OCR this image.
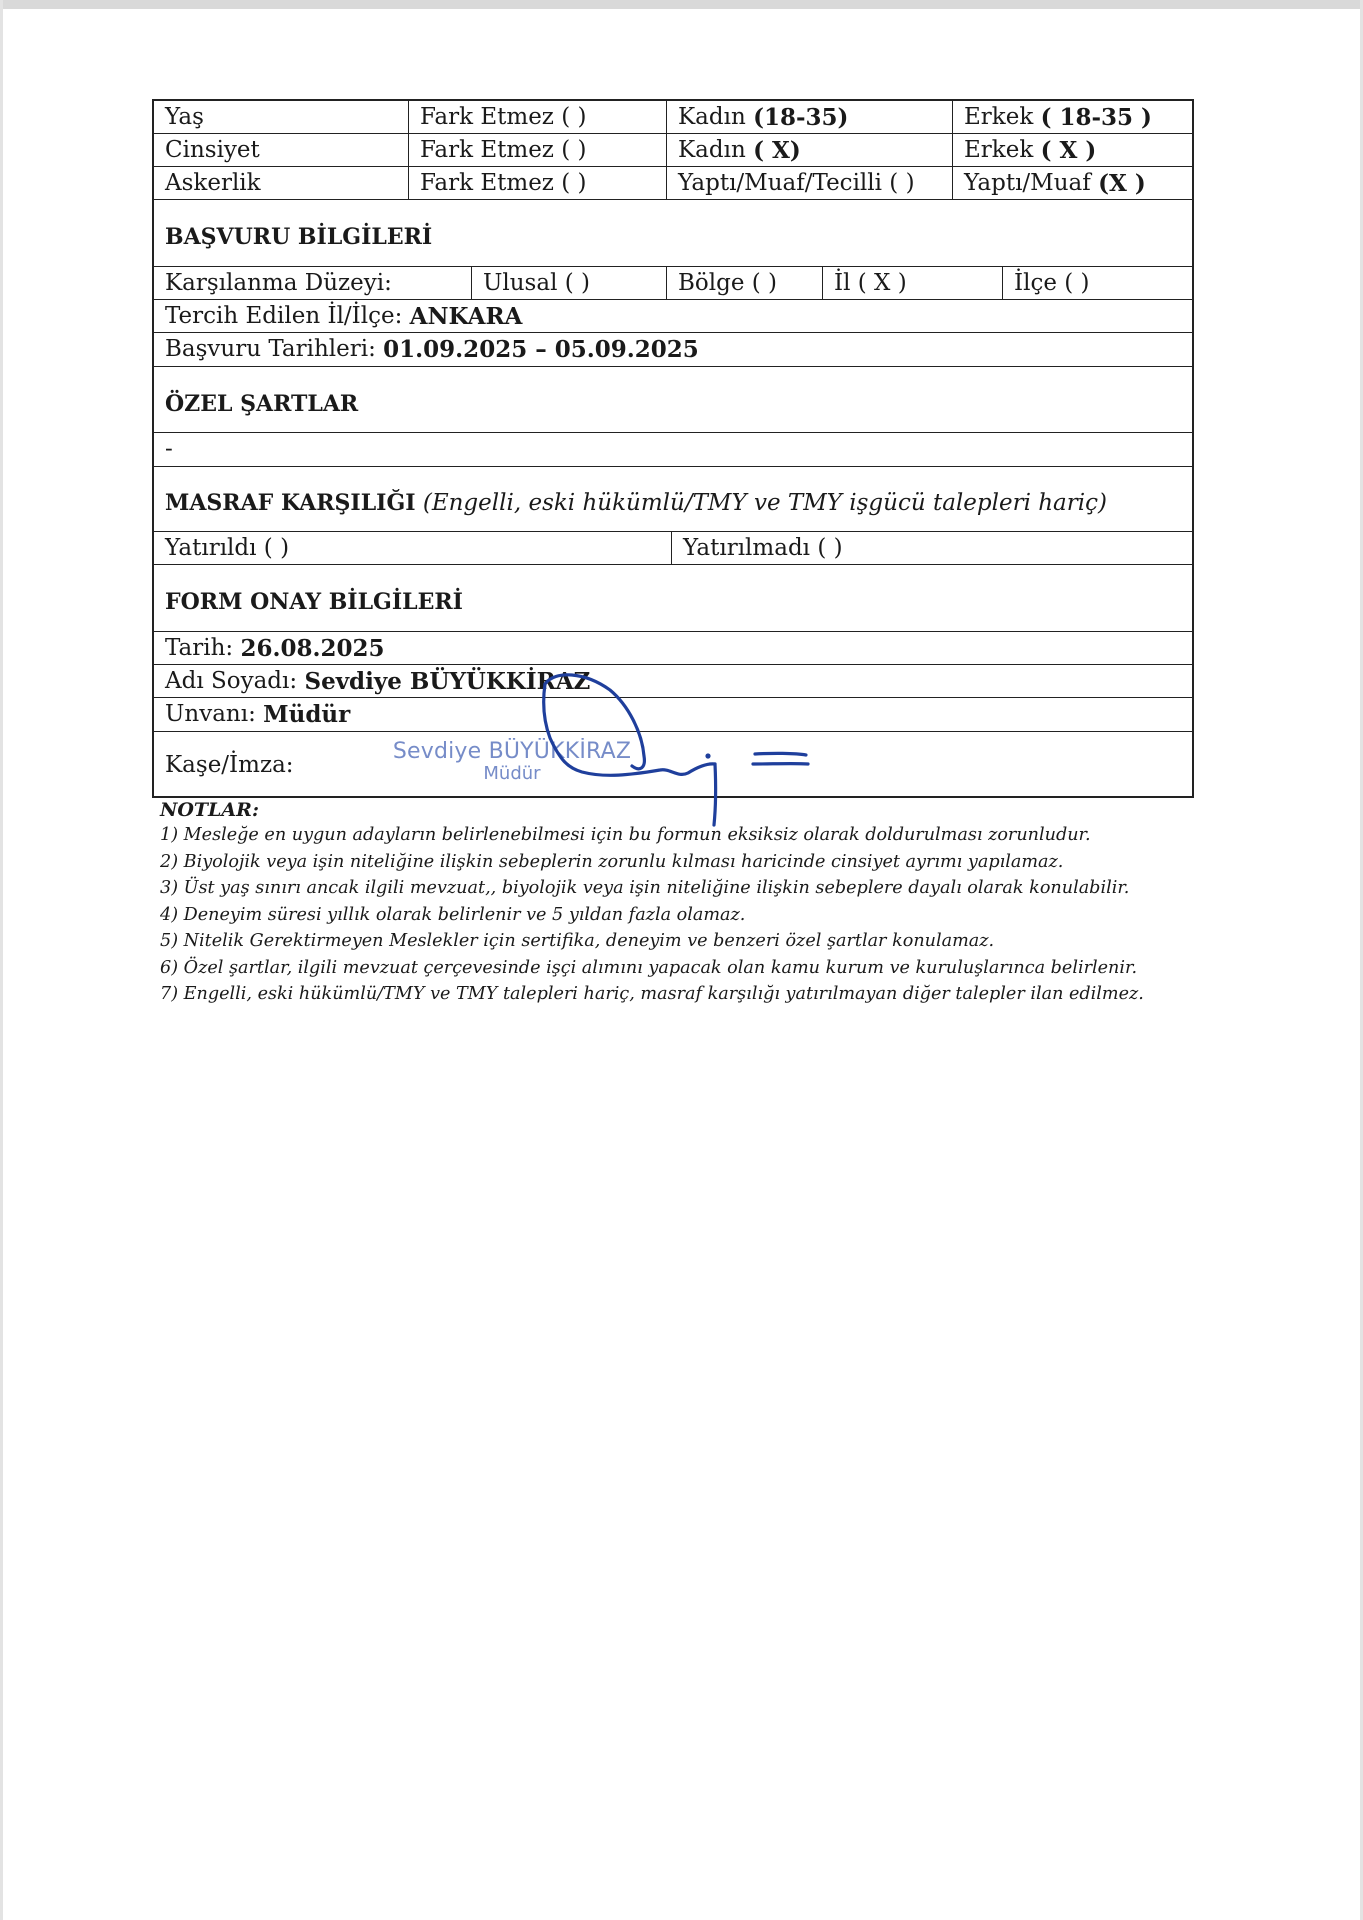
Yaş	Fark Etmez ( )	Kadın (18-35)	Erkek ( 18-35 )
Cinsiyet	Fark Etmez ( )	Kadın ( X)	Erkek ( X )
Askerlik	Fark Etmez ( )	Yaptı/Muaf/Tecilli ( )	Yaptı/Muaf (X )
BAŞVURU BİLGİLERİ
Karşılanma Düzeyi:	Ulusal ( )	Bölge ( )	İl ( X )	İlçe ( )
Tercih Edilen İl/İlçe: ANKARA
Başvuru Tarihleri: 01.09.2025 – 05.09.2025
ÖZEL ŞARTLAR
-
MASRAF KARŞILIĞI
(Engelli, eski hükümlü/TMY ve TMY işgücü talepleri hariç)
Yatırıldı ( )	Yatırılmadı ( )
FORM ONAY BİLGİLERİ
Tarih: 26.08.2025
Adı Soyadı: Sevdiye BÜYÜKKİRAZ
Unvanı: Müdür
Kaşe/İmza:	Sevdiye BÜYÜKKİRAZ
Müdür
NOTLAR:
1) Mesleğe en uygun adayların belirlenebilmesi için bu formun eksiksiz olarak doldurulması zorunludur.
2) Biyolojik veya işin niteliğine ilişkin sebeplerin zorunlu kılması haricinde cinsiyet ayrımı yapılamaz.
3) Üst yaş sınırı ancak ilgili mevzuat,, biyolojik veya işin niteliğine ilişkin sebeplere dayalı olarak konulabilir.
4) Deneyim süresi yıllık olarak belirlenir ve 5 yıldan fazla olamaz.
5) Nitelik Gerektirmeyen Meslekler için sertifika, deneyim ve benzeri özel şartlar konulamaz.
6) Özel şartlar, ilgili mevzuat çerçevesinde işçi alımını yapacak olan kamu kurum ve kuruluşlarınca belirlenir.
7) Engelli, eski hükümlü/TMY ve TMY talepleri hariç, masraf karşılığı yatırılmayan diğer talepler ilan edilmez.
